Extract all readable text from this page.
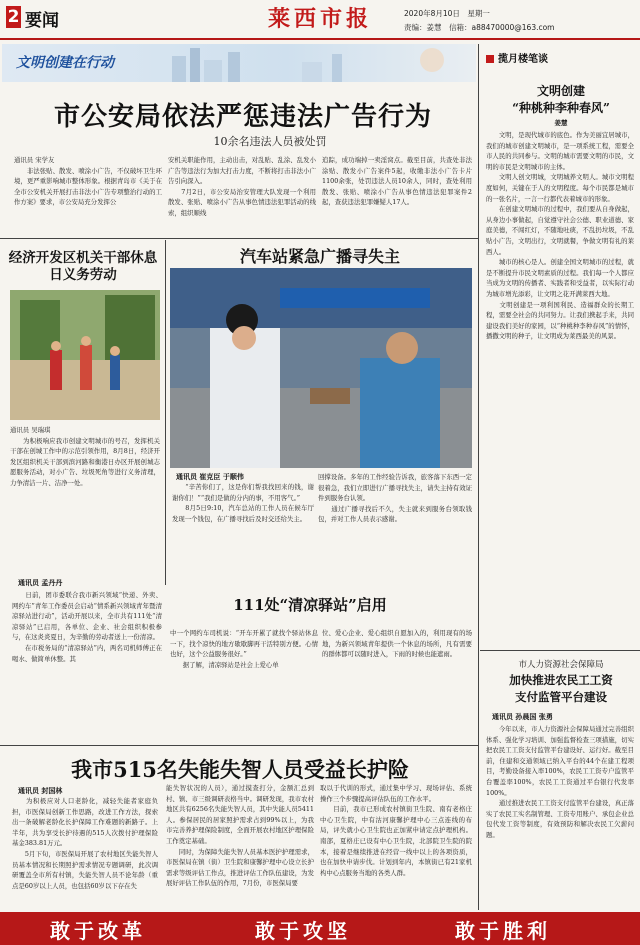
2 要闻	莱西市报	2020年8月10日　星期一
责编：姜慧　信箱：a88470000@163.com
文明创建在行动
市公安局依法严惩违法广告行为
10余名违法人员被处罚
通讯员 宋学友
　　非法张贴、散发、喷涂小广告，不仅破坏卫生环境，更严重影响城市整体形象。根据青岛市《关于在全市公安机关开展打击非法小广告专项整治行动的工作方案》要求，市公安局充分发挥公
安机关职能作用，主动出击，对乱贴、乱涂、乱发小广告等违法行为加大打击力度，不断将打击非法小广告引向深入。
　　7月2日，市公安局治安管理大队发现一个利用散发、张贴、喷涂小广告从事色情违法犯罪活动的线索，组织顺线
追踪，成功端掉一卖淫窝点。截至目前，共查处非法涂贴、散发小广告案件5起，收缴非法小广告卡片1100余张，处罚违法人员10余人，同时，查处利用散发、张贴、喷涂小广告从事色情违法犯罪案件2起，查获违法犯罪嫌疑人17人。
经济开发区机关干部休息日义务劳动
通讯员 吴瑞琪
　　为积极响应我市创建文明城市的号召，发挥机关干部在创城工作中的示范引领作用，8月8日，经济开发区组织机关干部到滨河路和衡港日办区开展创城志愿服务活动，对小广告、垃圾死角等进行义务清理，力争清洁一片、洁净一处。
汽车站紧急广播寻失主
通讯员 崔克臣 于顺伟
　　“辛苦你们了，这是你们帮我找回来的钱，谢谢你们！”“我们是做的分内的事，不用客气。”
　　8月5日9:10，汽车总站的工作人员在候车厅发现一个钱包，在广播寻找后及时交还给失主。
回撑设备。多年的工作经验告诉我，旅客落下东西一定很着急，我们立即进行广播寻找失主，请失主持有效证件到服务台认领。
　　通过广播寻找后不久，失主就来到服务台领取钱包，并对工作人员表示感谢。
111处“清凉驿站”启用
通讯员 孟丹丹
　　日前，团市委联合我市新兴领域“快递、外卖、网约车”青年工作委员会启动“情系新兴领域青年暨清凉驿站进行动”，活动开展以来，全市共有111处“清凉驿站”已启用，各单位、企业、社会组织积极参与，在这炎炎夏日，为辛勤的劳动者送上一份清凉。
　　在市税务局的“清凉驿站”内，两名司机师傅正在喝水、做简单休整。其
中一个网约车司机说：“开车开累了就找个驿站休息一下，找个凉快的地方歇歇脚再干活特别方便。心情也好，这个公益服务很好。”
　　据了解，清凉驿站是社会上爱心单
位、爱心企业、爱心组织自愿加入的，利用现有的场地，为新兴领域青年提供一个休息的场所，凡有需要的群体都可以随时进入，下雨的时候也能遮雨。
我市515名失能失智人员受益长护险
通讯员 封国林
　　为积极应对人口老龄化，减轻失能者家庭负担，市医保局创新工作思路，改进工作方法，探索出一条破解老龄化长护保障工作难题的新路子。上半年，共为享受长护待遇的515人次拨付护理保险基金383.81万元。
　　5月下旬，市医保局开展了农村地区失能失智人员基本情况和长期照护需求情况专题调研，此次调研覆盖全市所有村镇，失能失智人员不论年龄（重点是60岁以上人员，也包括60岁以下存在失
能失智状况的人员），通过摸查打分，金额汇总到村、镇、市三级调研表格当中。调研发现，我市农村地区共有6256名失能失智人员，其中失能人员5411人。参保居民的居家照护需求占到99%以上，为我市完善养护理保险制度，全面开展农村地区护理保险工作奠定基础。
　　同时，为保障失能失智人员基本医护护理需求，市医保局在镇（街）卫生院和康馨护理中心设立长护需求等级评估工作点，推进评估工作队伍建设，为发展好评估工作队伍的作用，7月份，市医保局要
取以于代训的形式，通过集中学习、现场评估、系统操作三个步骤提高评估队伍的工作水平。
　　目前，我市已形成农村镇街卫生院、南有老格庄中心卫生院，中有沽河康馨护理中心三点连线的布局，评失就小心卫生院也正加紧申请定点护理机构。南部，夏格庄已设有中心卫生院，北部院卫生院的院本，接着是继续推进在经营一线中以上的各项资质，也在加快申请步伐。计划到年内，本镇街已有21家机构中心点服务当地的各类人群。
揽月楼笔谈
文明创建
“种桃种李种春风”
姜慧
　　文明，是现代城市的底色。作为美丽宜居城市，我们的城市创建文明城市，是一项系统工程，需要全市人民的共同参与。文明的城市需要文明的市民，文明的市民是文明城市的主体。
　　文明人创文明城，文明城养文明人。城市文明程度如何，关键在于人的文明程度。每个市民都是城市的一张名片，一言一行都代表着城市的形象。
　　在创建文明城市的过程中，我们要从自身做起，从身边小事做起，自觉遵守社会公德、职业道德、家庭美德，不闯红灯，不随地吐痰，不乱扔垃圾，不乱贴小广告，文明出行，文明就餐，争做文明有礼的莱西人。
　　城市的核心是人。创建全国文明城市的过程，就是不断提升市民文明素质的过程。我们每一个人都应当成为文明的传播者、实践者和受益者，以实际行动为城市增光添彩，让文明之花开满莱西大地。
　　文明创建是一项利国利民、造福群众的长期工程，需要全社会的共同努力。让我们携起手来，共同建设我们美好的家园，以“种桃种李种春风”的情怀，播撒文明的种子，让文明成为莱西最美的风景。
市人力资源社会保障局
加快推进农民工工资
支付监管平台建设
通讯员 孙晨国 张勇
　　今年以来，市人力资源社会保障局通过完善组织体系、强化学习培训、加强监督检查三项措施，切实把农民工工资支付监管平台建设好、运行好。截至目前，住建和交通领域已纳入平台的44个在建工程项目，考勤设备接入率100%，农民工工资专户监管平台覆盖率100%，农民工工资通过平台银行代发率100%。
　　通过推进农民工工资支付监管平台建设，真正落实了农民工实名制管理、工资专用账户、承包企业总包代发工资等制度，有效预防和解决农民工欠薪问题。
敢于改革	敢于攻坚	敢于胜利
